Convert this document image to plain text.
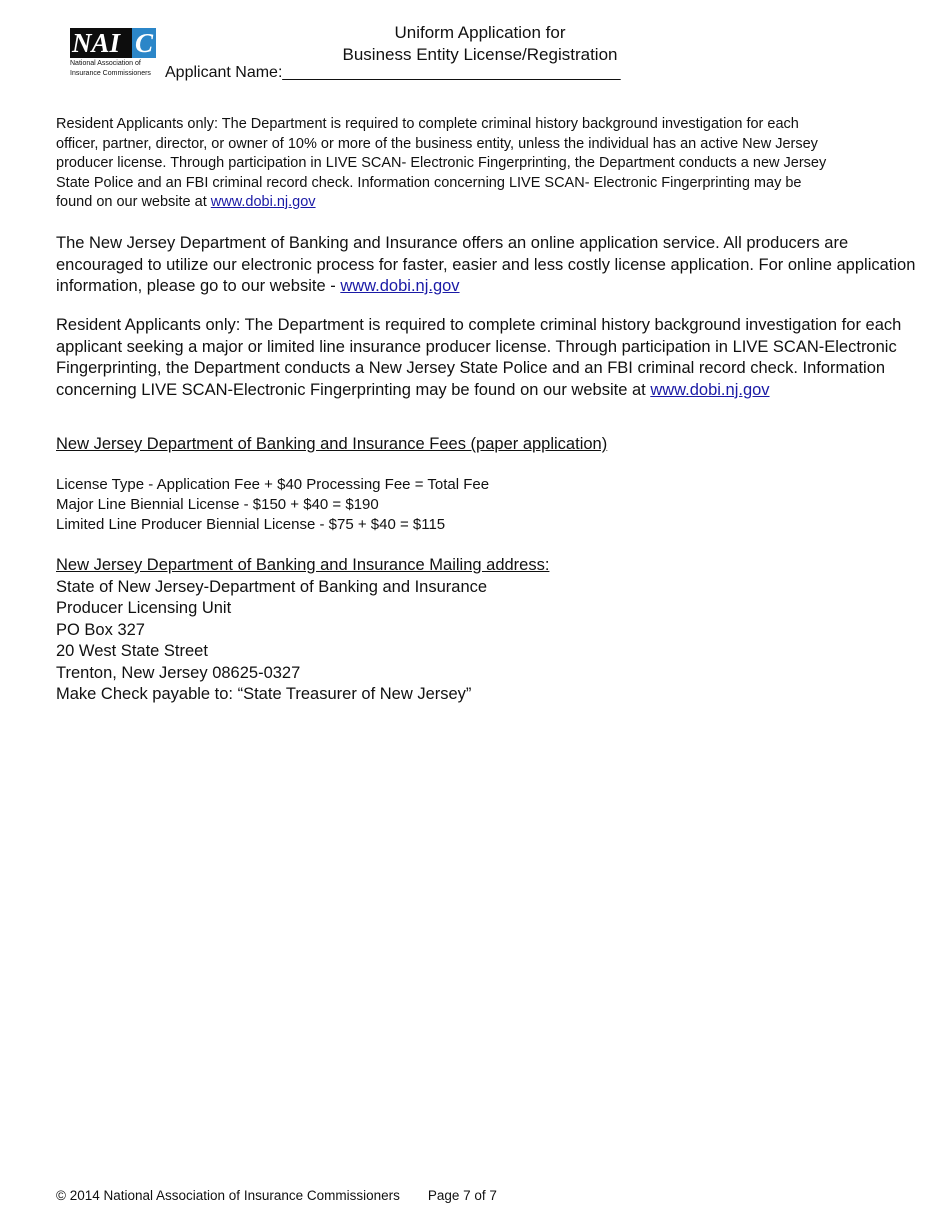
NAI C
National Association of
Insurance Commissioners
Uniform Application for
Business Entity License/Registration
Applicant Name:______________________________________
Resident Applicants only: The Department is required to complete criminal history background investigation for each officer, partner, director, or owner of 10% or more of the business entity, unless the individual has an active New Jersey producer license. Through participation in LIVE SCAN- Electronic Fingerprinting, the Department conducts a new Jersey State Police and an FBI criminal record check. Information concerning LIVE SCAN- Electronic Fingerprinting may be found on our website at www.dobi.nj.gov
The New Jersey Department of Banking and Insurance offers an online application service. All producers are encouraged to utilize our electronic process for faster, easier and less costly license application. For online application information, please go to our website - www.dobi.nj.gov
Resident Applicants only: The Department is required to complete criminal history background investigation for each applicant seeking a major or limited line insurance producer license. Through participation in LIVE SCAN-Electronic Fingerprinting, the Department conducts a New Jersey State Police and an FBI criminal record check. Information concerning LIVE SCAN-Electronic Fingerprinting may be found on our website at www.dobi.nj.gov
New Jersey Department of Banking and Insurance Fees (paper application)
License Type - Application Fee + $40 Processing Fee = Total Fee
Major Line Biennial License - $150 + $40 = $190
Limited Line Producer Biennial License - $75 + $40 = $115
New Jersey Department of Banking and Insurance Mailing address:
State of New Jersey-Department of Banking and Insurance
Producer Licensing Unit
PO Box 327
20 West State Street
Trenton, New Jersey 08625-0327
Make Check payable to: “State Treasurer of New Jersey”
© 2014 National Association of Insurance Commissioners Page 7 of 7
